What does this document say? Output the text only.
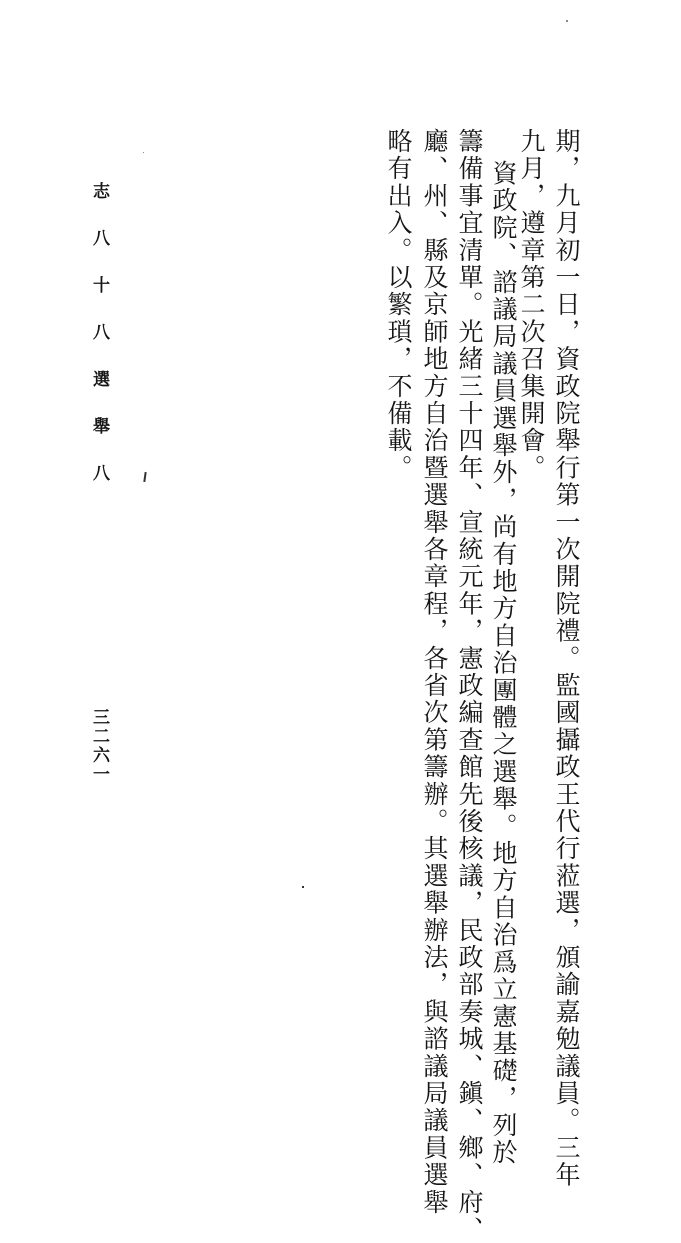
期，九月初一日，資政院舉行第一次開院禮。監國攝政王代行蒞選，頒諭嘉勉議員。三年
九月，遵章第二次召集開會。
資政院、諮議局議員選舉外，尚有地方自治團體之選舉。地方自治爲立憲基礎，列於
籌備事宜清單。光緒三十四年、宣統元年，憲政編查館先後核議，民政部奏城、鎭、鄉、府、
廳、州、縣及京師地方自治暨選舉各章程，各省次第籌辦。其選舉辦法，與諮議局議員選舉
略有出入。以繁瑣，不備載。
志 八 十 八 選 舉 八
三二六一
